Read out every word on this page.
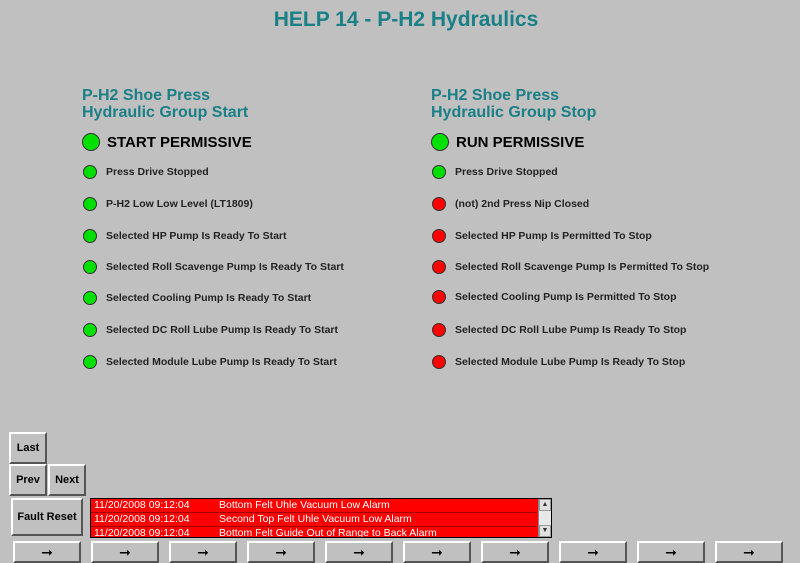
HELP 14 - P-H2 Hydraulics
P-H2 Shoe Press
Hydraulic Group Start
START PERMISSIVE
Press Drive Stopped
P-H2 Low Low Level (LT1809)
Selected HP Pump Is Ready To Start
Selected Roll Scavenge Pump Is Ready To Start
Selected Cooling Pump Is Ready To Start
Selected DC Roll Lube Pump Is Ready To Start
Selected Module Lube Pump Is Ready To Start
P-H2 Shoe Press
Hydraulic Group Stop
RUN PERMISSIVE
Press Drive Stopped
(not) 2nd Press Nip Closed
Selected HP Pump Is Permitted To Stop
Selected Roll Scavenge Pump Is Permitted To Stop
Selected Cooling Pump Is Permitted To Stop
Selected DC Roll Lube Pump Is Ready To Stop
Selected Module Lube Pump Is Ready To Stop
Last
Prev	Next
Fault Reset
11/20/2008 09:12:04	Bottom Felt Uhle Vacuum Low Alarm
11/20/2008 09:12:04	Second Top Felt Uhle Vacuum Low Alarm
11/20/2008 09:12:04	Bottom Felt Guide Out of Range to Back Alarm
▲
▼
➞	➞	➞	➞	➞	➞	➞	➞	➞	➞
